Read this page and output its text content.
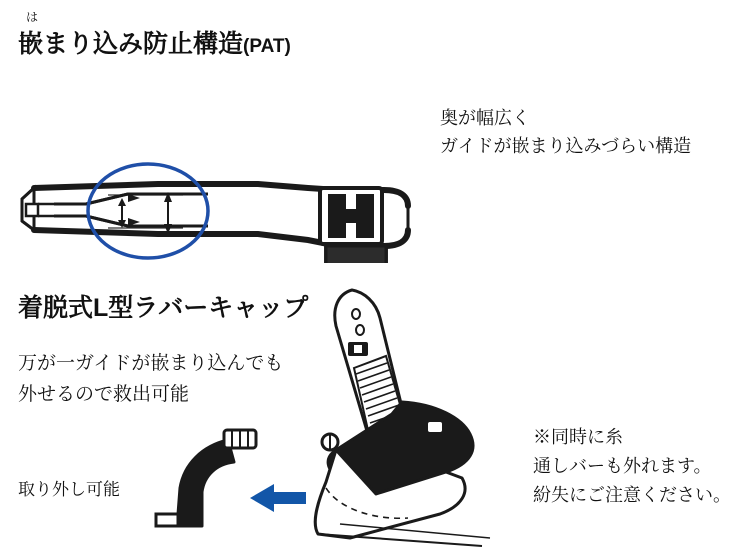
は
嵌まり込み防止構造(PAT)
奥が幅広く
ガイドが嵌まり込みづらい構造
着脱式L型ラバーキャップ
万が一ガイドが嵌まり込んでも
外せるので救出可能
取り外し可能
※同時に糸
通しバーも外れます。
紛失にご注意ください。
